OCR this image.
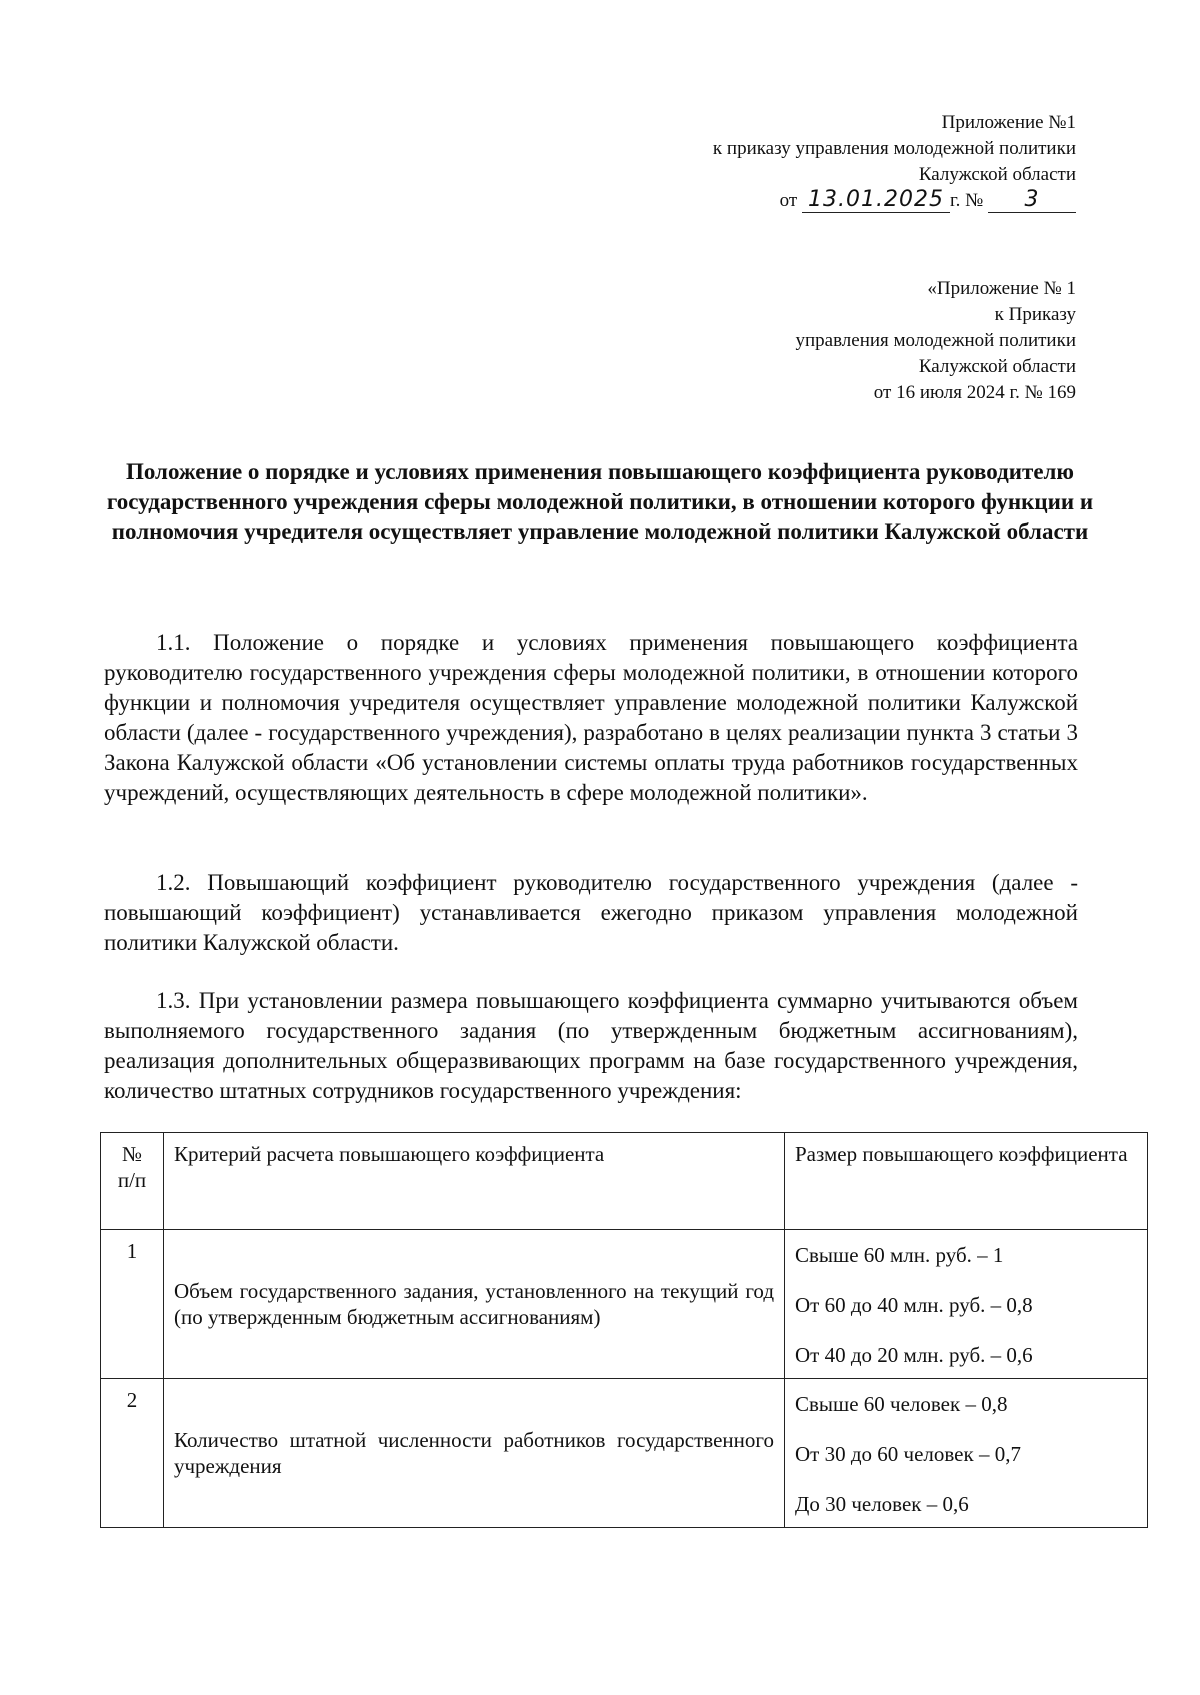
Приложение №1
к приказу управления молодежной политики
Калужской области
от 13.01.2025 г. № 3
«Приложение № 1
к Приказу
управления молодежной политики
Калужской области
от 16 июля 2024 г. № 169
Положение о порядке и условиях применения повышающего коэффициента руководителю государственного учреждения сферы молодежной политики, в отношении которого функции и полномочия учредителя осуществляет управление молодежной политики Калужской области
1.1. Положение о порядке и условиях применения повышающего коэффициента руководителю государственного учреждения сферы молодежной политики, в отношении которого функции и полномочия учредителя осуществляет управление молодежной политики Калужской области (далее - государственного учреждения), разработано в целях реализации пункта 3 статьи 3 Закона Калужской области «Об установлении системы оплаты труда работников государственных учреждений, осуществляющих деятельность в сфере молодежной политики».
1.2. Повышающий коэффициент руководителю государственного учреждения (далее - повышающий коэффициент) устанавливается ежегодно приказом управления молодежной политики Калужской области.
1.3. При установлении размера повышающего коэффициента суммарно учитываются объем выполняемого государственного задания (по утвержденным бюджетным ассигнованиям), реализация дополнительных общеразвивающих программ на базе государственного учреждения, количество штатных сотрудников государственного учреждения:
№ п/п	Критерий расчета повышающего коэффициента	Размер повышающего коэффициента
1	Объем государственного задания, установленного на текущий год (по утвержденным бюджетным ассигнованиям)	Свыше 60 млн. руб. – 1
От 60 до 40 млн. руб. – 0,8
От 40 до 20 млн. руб. – 0,6

2	Количество штатной численности работников государственного учреждения	Свыше 60 человек – 0,8
От 30 до 60 человек – 0,7
До 30 человек – 0,6
